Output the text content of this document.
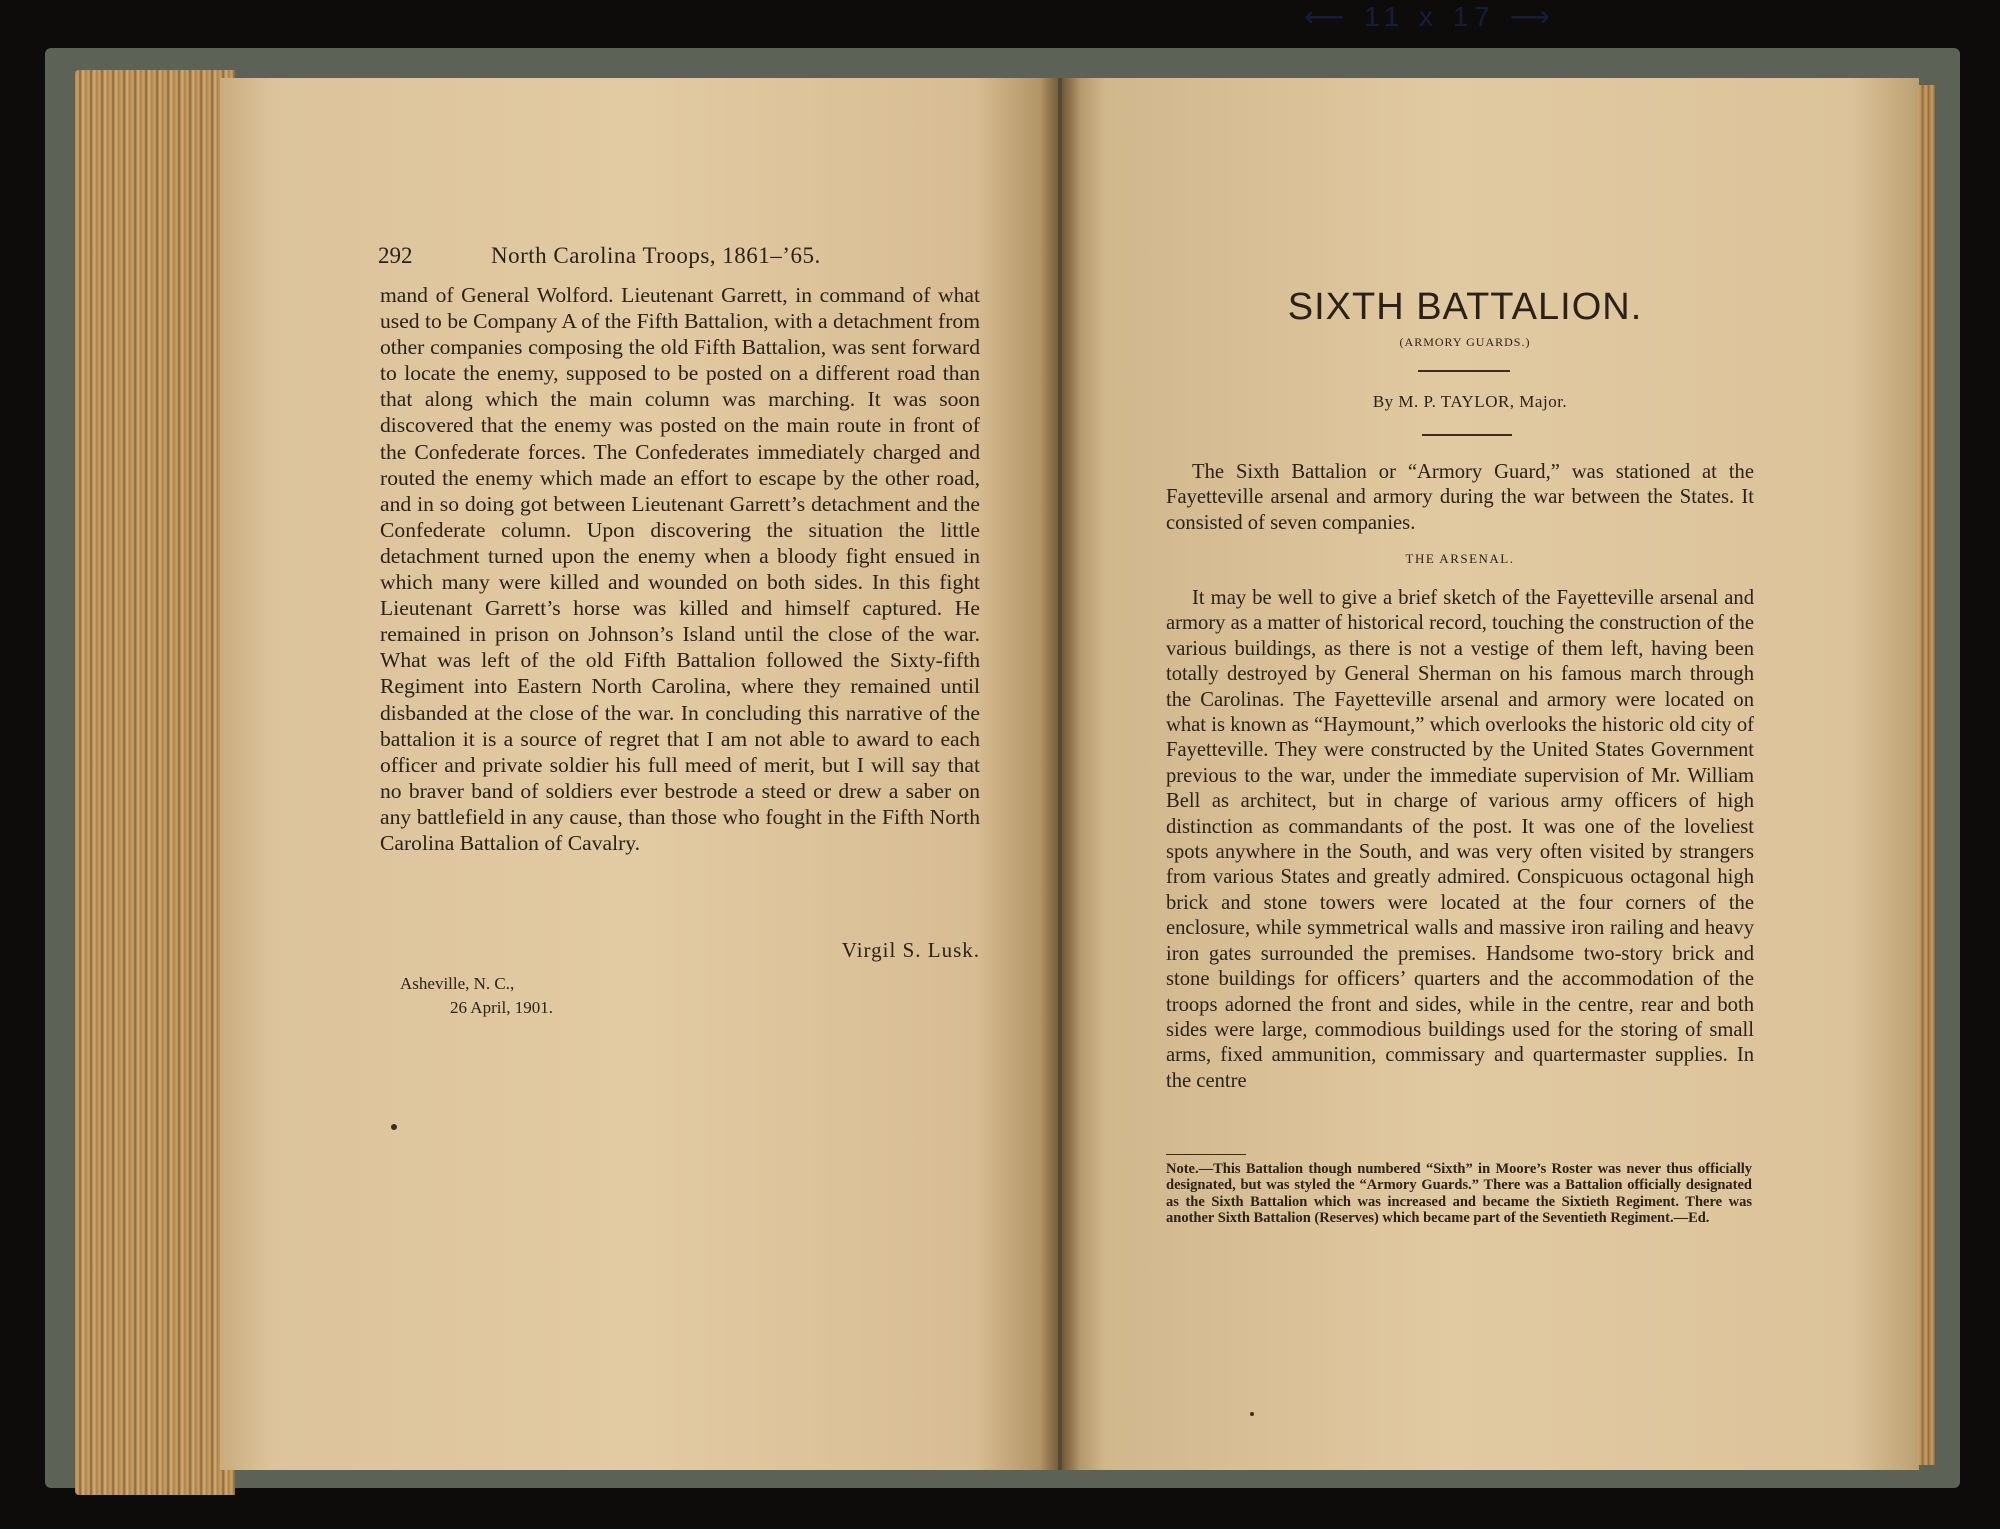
⟵ 11 x 17 ⟶
292	North Carolina Troops, 1861–’65.
mand of General Wolford. Lieutenant Garrett, in command of what used to be Company A of the Fifth Battalion, with a detachment from other companies composing the old Fifth Battalion, was sent forward to locate the enemy, supposed to be posted on a different road than that along which the main column was marching. It was soon discovered that the enemy was posted on the main route in front of the Confederate forces. The Confederates immediately charged and routed the enemy which made an effort to escape by the other road, and in so doing got between Lieutenant Garrett’s detachment and the Confederate column. Upon discovering the situation the little detachment turned upon the enemy when a bloody fight ensued in which many were killed and wounded on both sides. In this fight Lieutenant Garrett’s horse was killed and himself captured. He remained in prison on Johnson’s Island until the close of the war. What was left of the old Fifth Battalion followed the Sixty-fifth Regiment into Eastern North Carolina, where they remained until disbanded at the close of the war. In concluding this narrative of the battalion it is a source of regret that I am not able to award to each officer and private soldier his full meed of merit, but I will say that no braver band of soldiers ever bestrode a steed or drew a saber on any battlefield in any cause, than those who fought in the Fifth North Carolina Battalion of Cavalry.
Virgil S. Lusk.
Asheville, N. C.,
26 April, 1901.
SIXTH BATTALION.
(ARMORY GUARDS.)
By M. P. TAYLOR, Major.

The Sixth Battalion or “Armory Guard,” was stationed at the Fayetteville arsenal and armory during the war between the States. It consisted of seven companies.

THE ARSENAL.

It may be well to give a brief sketch of the Fayetteville arsenal and armory as a matter of historical record, touching the construction of the various buildings, as there is not a vestige of them left, having been totally destroyed by General Sherman on his famous march through the Carolinas. The Fayetteville arsenal and armory were located on what is known as “Haymount,” which overlooks the historic old city of Fayetteville. They were constructed by the United States Government previous to the war, under the immediate supervision of Mr. William Bell as architect, but in charge of various army officers of high distinction as commandants of the post. It was one of the loveliest spots anywhere in the South, and was very often visited by strangers from various States and greatly admired. Conspicuous octagonal high brick and stone towers were located at the four corners of the enclosure, while symmetrical walls and massive iron railing and heavy iron gates surrounded the premises. Handsome two-story brick and stone buildings for officers’ quarters and the accommodation of the troops adorned the front and sides, while in the centre, rear and both sides were large, commodious buildings used for the storing of small arms, fixed ammunition, commissary and quartermaster supplies. In the centre

Note.—This Battalion though numbered “Sixth” in Moore’s Roster was never thus officially designated, but was styled the “Armory Guards.” There was a Battalion officially designated as the Sixth Battalion which was increased and became the Sixtieth Regiment. There was another Sixth Battalion (Reserves) which became part of the Seventieth Regiment.—Ed.
